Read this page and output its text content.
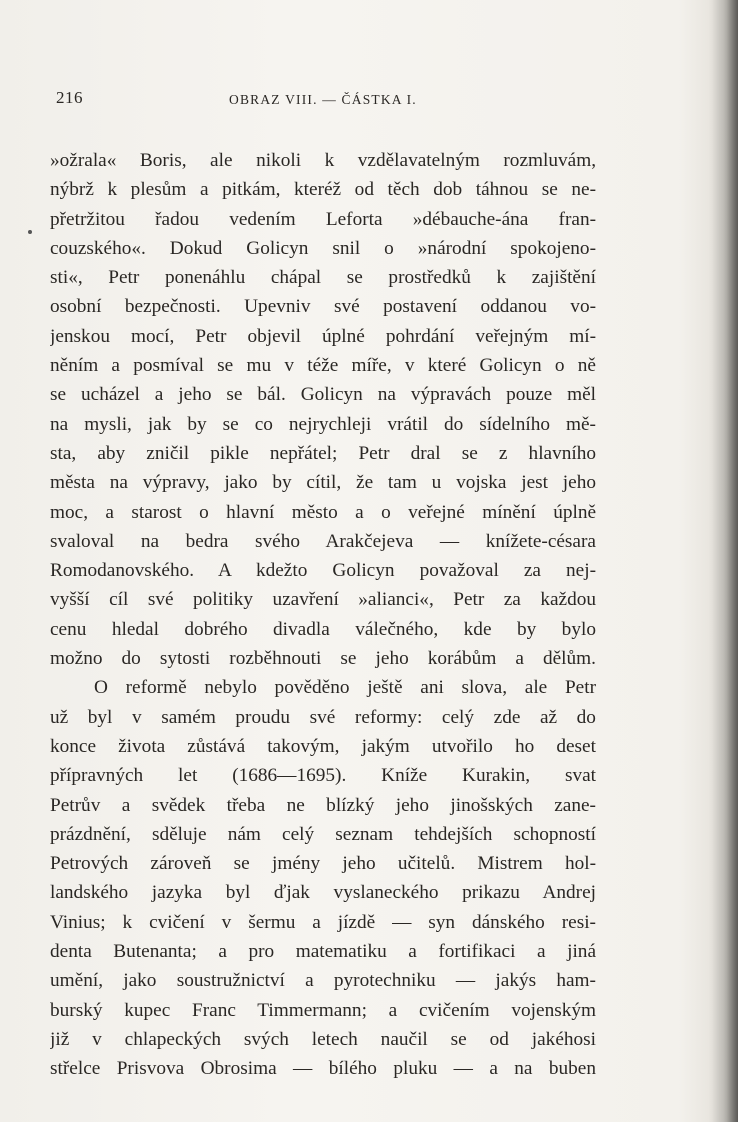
216	OBRAZ VIII. — ČÁSTKA I.
»ožrala« Boris, ale nikoli k vzdělavatelným rozmluvám,
nýbrž k plesům a pitkám, kteréž od těch dob táhnou se ne-
přetržitou řadou vedením Leforta »débauche-ána fran-
couzského«. Dokud Golicyn snil o »národní spokojeno-
sti«, Petr ponenáhlu chápal se prostředků k zajištění
osobní bezpečnosti. Upevniv své postavení oddanou vo-
jenskou mocí, Petr objevil úplné pohrdání veřejným mí-
něním a posmíval se mu v téže míře, v které Golicyn o ně
se ucházel a jeho se bál. Golicyn na výpravách pouze měl
na mysli, jak by se co nejrychleji vrátil do sídelního mě-
sta, aby zničil pikle nepřátel; Petr dral se z hlavního
města na výpravy, jako by cítil, že tam u vojska jest jeho
moc, a starost o hlavní město a o veřejné mínění úplně
svaloval na bedra svého Arakčejeva — knížete-césara
Romodanovského. A kdežto Golicyn považoval za nej-
vyšší cíl své politiky uzavření »alianci«, Petr za každou
cenu hledal dobrého divadla válečného, kde by bylo
možno do sytosti rozběhnouti se jeho korábům a dělům.
O reformě nebylo pověděno ještě ani slova, ale Petr
už byl v samém proudu své reformy: celý zde až do
konce života zůstává takovým, jakým utvořilo ho deset
přípravných let (1686—1695). Kníže Kurakin, svat
Petrův a svědek třeba ne blízký jeho jinošských zane-
prázdnění, sděluje nám celý seznam tehdejších schopností
Petrových zároveň se jmény jeho učitelů. Mistrem hol-
landského jazyka byl ďjak vyslaneckého prikazu Andrej
Vinius; k cvičení v šermu a jízdě — syn dánského resi-
denta Butenanta; a pro matematiku a fortifikaci a jiná
umění, jako soustružnictví a pyrotechniku — jakýs ham-
burský kupec Franc Timmermann; a cvičením vojenským
již v chlapeckých svých letech naučil se od jakéhosi
střelce Prisvova Obrosima — bílého pluku — a na buben
